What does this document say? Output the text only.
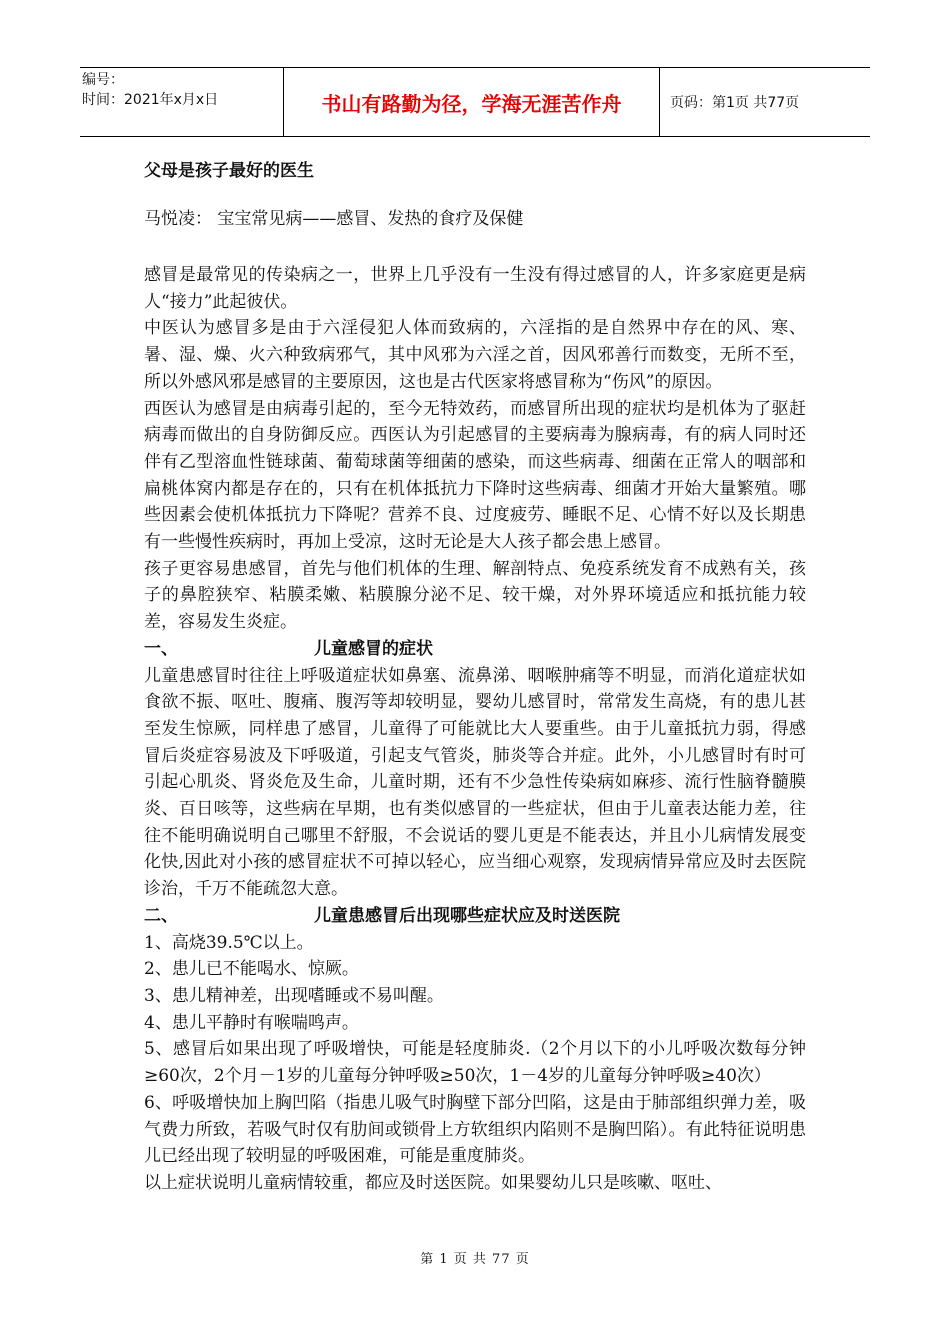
编号：
时间：2021年x月x日	书山有路勤为径，学海无涯苦作舟	页码：第1页 共77页

父母是孩子最好的医生

马悦凌： 宝宝常见病——感冒、发热的食疗及保健

感冒是最常见的传染病之一，世界上几乎没有一生没有得过感冒的人，许多家庭更是病人“接力”此起彼伏。

中医认为感冒多是由于六淫侵犯人体而致病的，六淫指的是自然界中存在的风、寒、暑、湿、燥、火六种致病邪气，其中风邪为六淫之首，因风邪善行而数变，无所不至，所以外感风邪是感冒的主要原因，这也是古代医家将感冒称为“伤风”的原因。

西医认为感冒是由病毒引起的，至今无特效药，而感冒所出现的症状均是机体为了驱赶病毒而做出的自身防御反应。西医认为引起感冒的主要病毒为腺病毒，有的病人同时还伴有乙型溶血性链球菌、葡萄球菌等细菌的感染，而这些病毒、细菌在正常人的咽部和扁桃体窝内都是存在的，只有在机体抵抗力下降时这些病毒、细菌才开始大量繁殖。哪些因素会使机体抵抗力下降呢？营养不良、过度疲劳、睡眠不足、心情不好以及长期患有一些慢性疾病时，再加上受凉，这时无论是大人孩子都会患上感冒。

孩子更容易患感冒，首先与他们机体的生理、解剖特点、免疫系统发育不成熟有关，孩子的鼻腔狭窄、粘膜柔嫩、粘膜腺分泌不足、较干燥，对外界环境适应和抵抗能力较差，容易发生炎症。

一、	儿童感冒的症状

儿童患感冒时往往上呼吸道症状如鼻塞、流鼻涕、咽喉肿痛等不明显，而消化道症状如食欲不振、呕吐、腹痛、腹泻等却较明显，婴幼儿感冒时，常常发生高烧，有的患儿甚至发生惊厥，同样患了感冒，儿童得了可能就比大人要重些。由于儿童抵抗力弱，得感冒后炎症容易波及下呼吸道，引起支气管炎，肺炎等合并症。此外，小儿感冒时有时可引起心肌炎、肾炎危及生命，儿童时期，还有不少急性传染病如麻疹、流行性脑脊髓膜炎、百日咳等，这些病在早期，也有类似感冒的一些症状，但由于儿童表达能力差，往往不能明确说明自己哪里不舒服，不会说话的婴儿更是不能表达，并且小儿病情发展变化快,因此对小孩的感冒症状不可掉以轻心，应当细心观察，发现病情异常应及时去医院诊治，千万不能疏忽大意。

二、	儿童患感冒后出现哪些症状应及时送医院

1、高烧39.5℃以上。

2、患儿已不能喝水、惊厥。

3、患儿精神差，出现嗜睡或不易叫醒。

4、患儿平静时有喉喘鸣声。

5、感冒后如果出现了呼吸增快，可能是轻度肺炎.（2个月以下的小儿呼吸次数每分钟≥60次，2个月－1岁的儿童每分钟呼吸≥50次，1－4岁的儿童每分钟呼吸≥40次）

6、呼吸增快加上胸凹陷（指患儿吸气时胸壁下部分凹陷，这是由于肺部组织弹力差，吸气费力所致，若吸气时仅有肋间或锁骨上方软组织内陷则不是胸凹陷）。有此特征说明患儿已经出现了较明显的呼吸困难，可能是重度肺炎。

以上症状说明儿童病情较重，都应及时送医院。如果婴幼儿只是咳嗽、呕吐、

第 1 页 共 77 页
